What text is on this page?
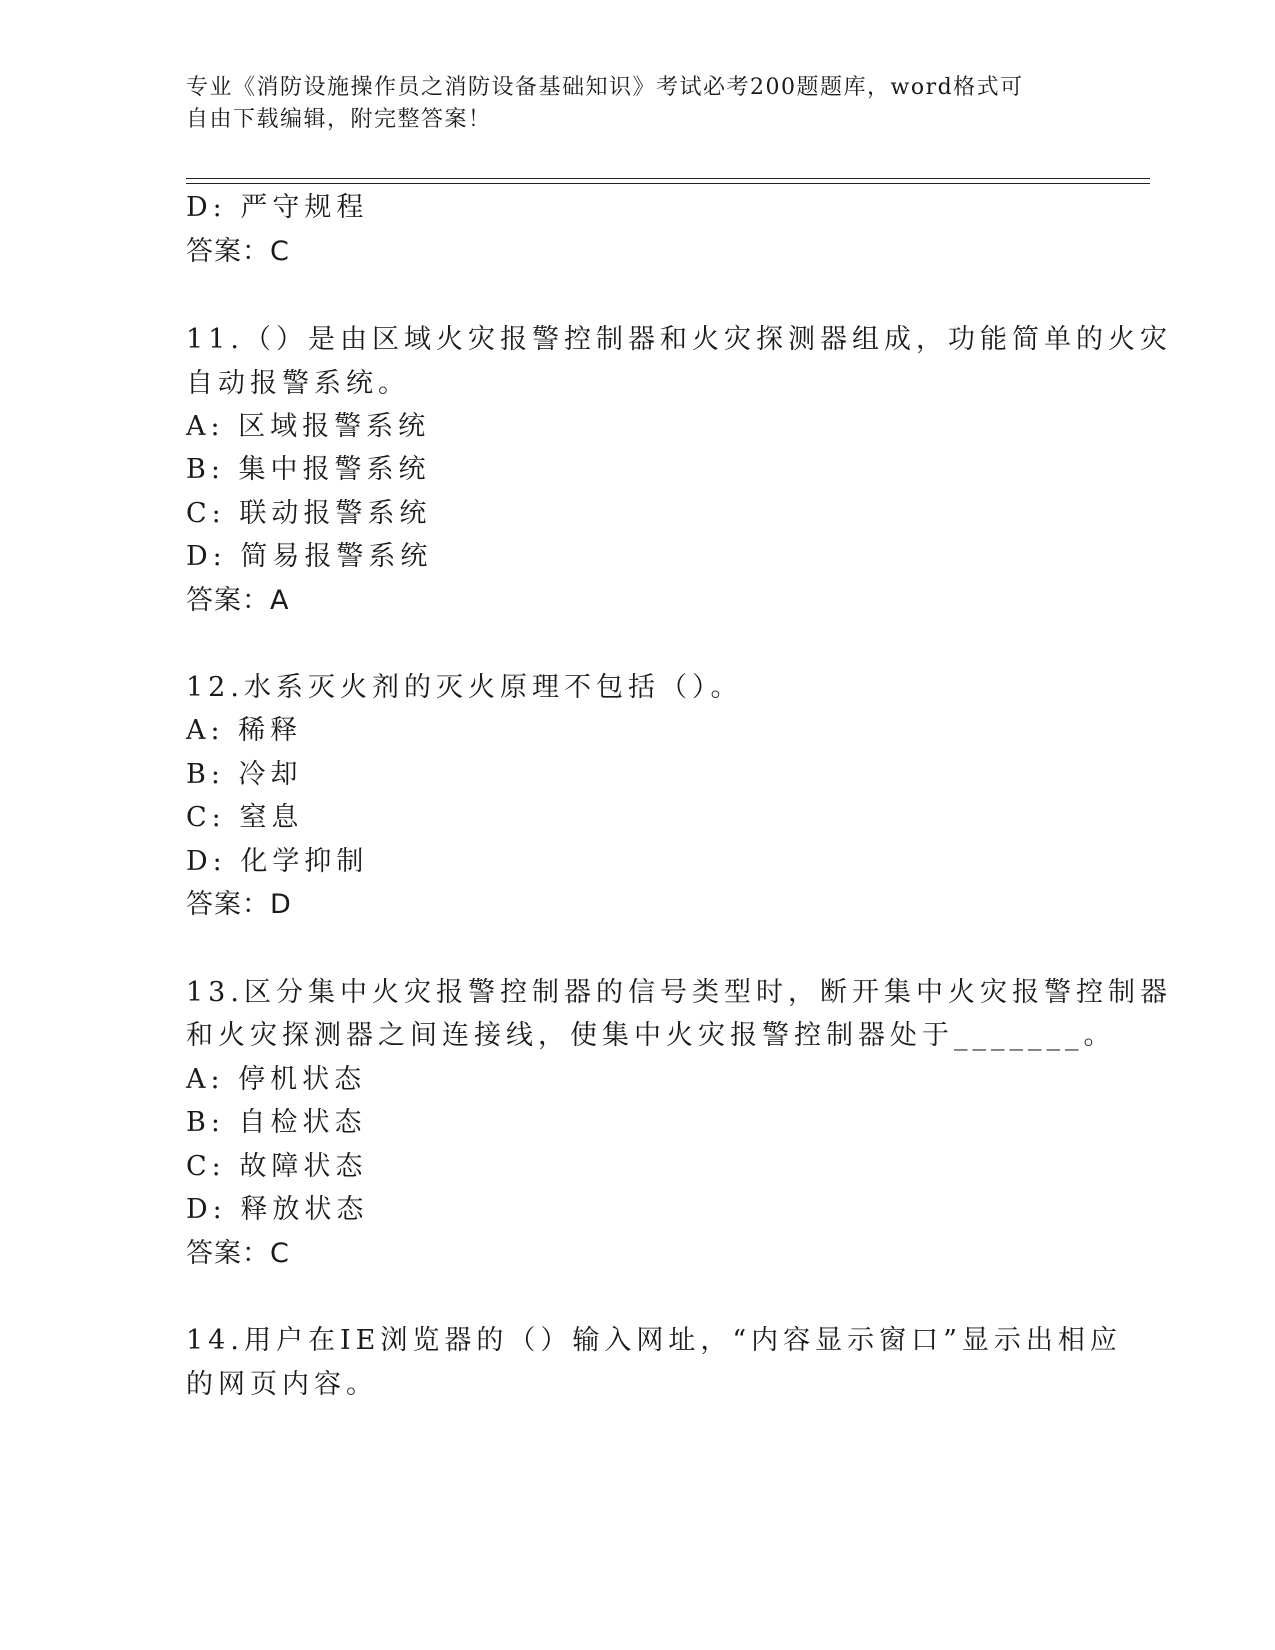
专业《消防设施操作员之消防设备基础知识》考试必考200题题库，word格式可
自由下载编辑，附完整答案！
D: 严守规程
答案：C
11.（）是由区域火灾报警控制器和火灾探测器组成，功能简单的火灾
自动报警系统。
A: 区域报警系统
B: 集中报警系统
C: 联动报警系统
D: 简易报警系统
答案：A
12.水系灭火剂的灭火原理不包括（）。
A: 稀释
B: 冷却
C: 窒息
D: 化学抑制
答案：D
13.区分集中火灾报警控制器的信号类型时，断开集中火灾报警控制器
和火灾探测器之间连接线，使集中火灾报警控制器处于_______。
A: 停机状态
B: 自检状态
C: 故障状态
D: 释放状态
答案：C
14.用户在IE浏览器的（）输入网址，“内容显示窗口”显示出相应
的网页内容。
